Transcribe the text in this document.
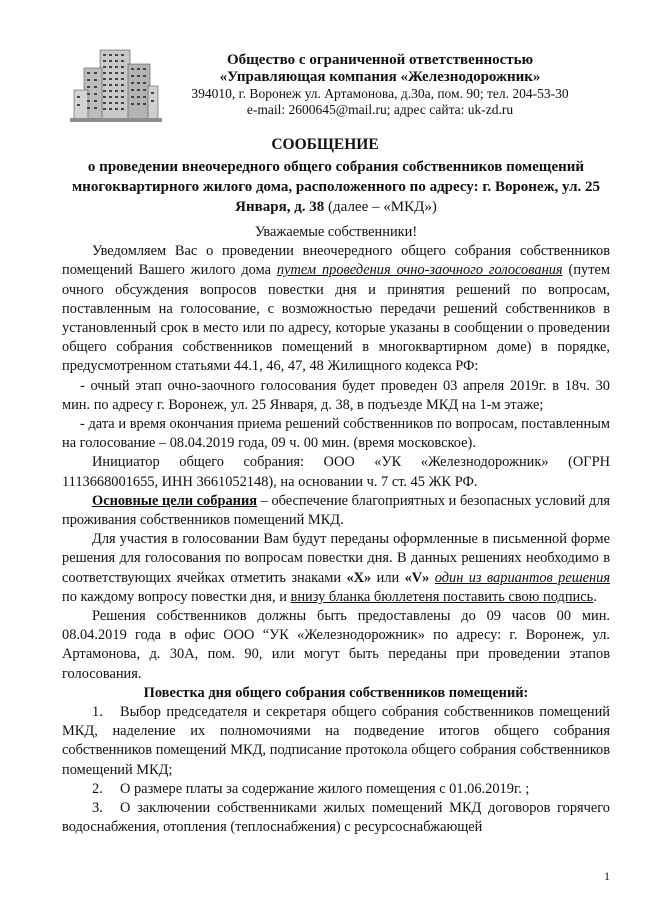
Общество с ограниченной ответственностью
«Управляющая компания «Железнодорожник»
394010, г. Воронеж ул. Артамонова, д.30а, пом. 90; тел. 204-53-30
e-mail: 2600645@mail.ru; адрес сайта: uk-zd.ru
СООБЩЕНИЕ
о проведении внеочередного общего собрания собственников помещений многоквартирного жилого дома, расположенного по адресу: г. Воронеж, ул. 25 Января, д. 38 (далее – «МКД»)

Уважаемые собственники!

Уведомляем Вас о проведении внеочередного общего собрания собственников помещений Вашего жилого дома путем проведения очно-заочного голосования (путем очного обсуждения вопросов повестки дня и принятия решений по вопросам, поставленным на голосование, с возможностью передачи решений собственников в установленный срок в место или по адресу, которые указаны в сообщении о проведении общего собрания собственников помещений в многоквартирном доме) в порядке, предусмотренном статьями 44.1, 46, 47, 48 Жилищного кодекса РФ:

- очный этап очно-заочного голосования будет проведен 03 апреля 2019г. в 18ч. 30 мин. по адресу г. Воронеж, ул. 25 Января, д. 38, в подъезде МКД на 1-м этаже;

- дата и время окончания приема решений собственников по вопросам, поставленным на голосование – 08.04.2019 года, 09 ч. 00 мин. (время московское).

Инициатор общего собрания: ООО «УК «Железнодорожник» (ОГРН 1113668001655, ИНН 3661052148), на основании ч. 7 ст. 45 ЖК РФ.

Основные цели собрания – обеспечение благоприятных и безопасных условий для проживания собственников помещений МКД.

Для участия в голосовании Вам будут переданы оформленные в письменной форме решения для голосования по вопросам повестки дня. В данных решениях необходимо в соответствующих ячейках отметить знаками «Х» или «V» один из вариантов решения по каждому вопросу повестки дня, и внизу бланка бюллетеня поставить свою подпись.

Решения собственников должны быть предоставлены до 09 часов 00 мин. 08.04.2019 года в офис ООО “УК «Железнодорожник» по адресу: г. Воронеж, ул. Артамонова, д. 30А, пом. 90, или могут быть переданы при проведении этапов голосования.

Повестка дня общего собрания собственников помещений:

1. Выбор председателя и секретаря общего собрания собственников помещений МКД, наделение их полномочиями на подведение итогов общего собрания собственников помещений МКД, подписание протокола общего собрания собственников помещений МКД;

2. О размере платы за содержание жилого помещения с 01.06.2019г. ;

3. О заключении собственниками жилых помещений МКД договоров горячего водоснабжения, отопления (теплоснабжения) с ресурсоснабжающей

1
